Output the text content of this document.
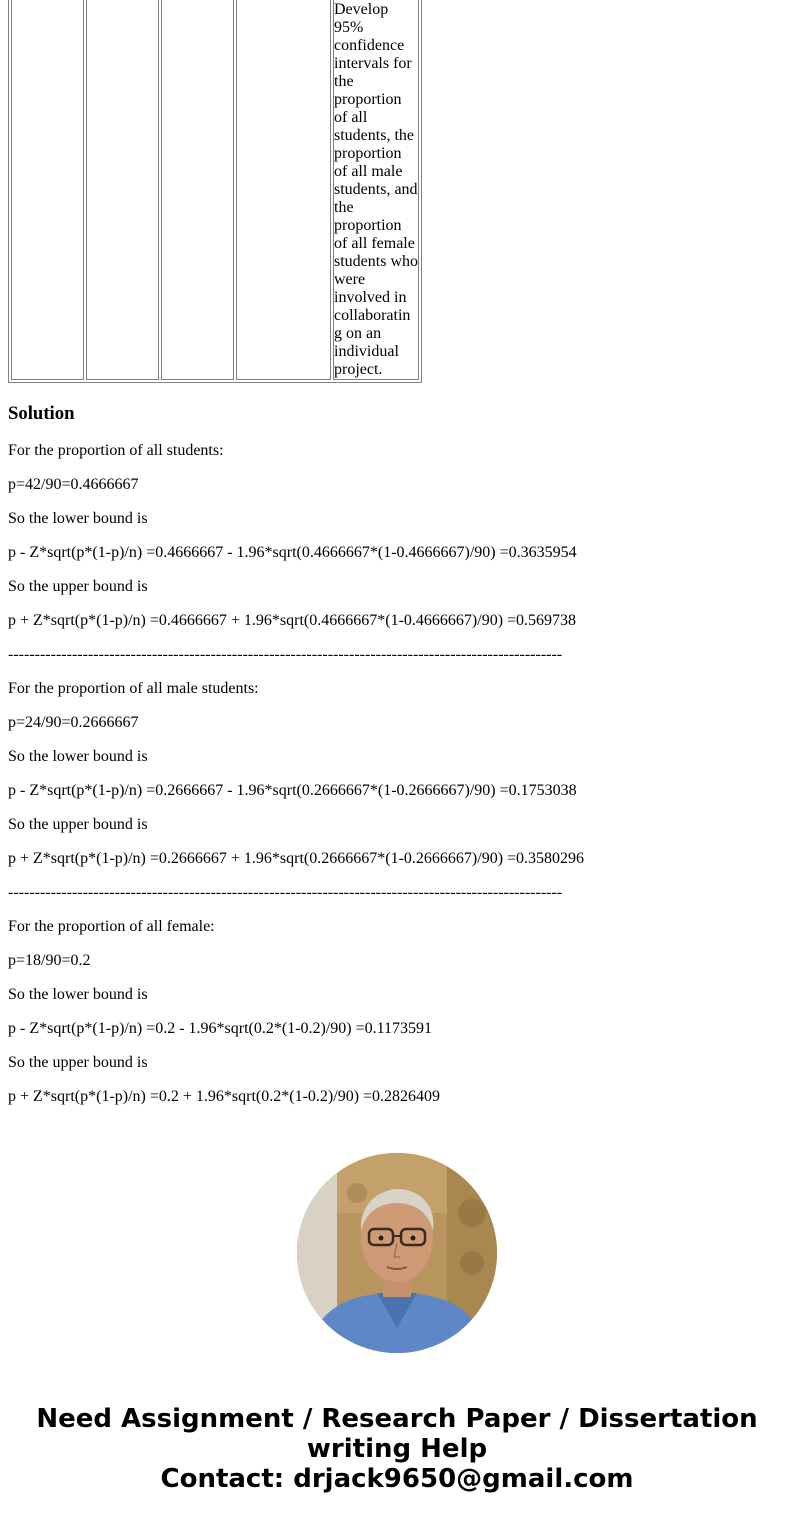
Develop 95% confidence intervals for the proportion of all students, the proportion of all male students, and the proportion of all female students who were involved in collaborating on an individual project.
Solution

For the proportion of all students:

p=42/90=0.4666667

So the lower bound is

p - Z*sqrt(p*(1-p)/n) =0.4666667 - 1.96*sqrt(0.4666667*(1-0.4666667)/90) =0.3635954

So the upper bound is

p + Z*sqrt(p*(1-p)/n) =0.4666667 + 1.96*sqrt(0.4666667*(1-0.4666667)/90) =0.569738

--------------------------------------------------------------------------------------------------------

For the proportion of all male students:

p=24/90=0.2666667

So the lower bound is

p - Z*sqrt(p*(1-p)/n) =0.2666667 - 1.96*sqrt(0.2666667*(1-0.2666667)/90) =0.1753038

So the upper bound is

p + Z*sqrt(p*(1-p)/n) =0.2666667 + 1.96*sqrt(0.2666667*(1-0.2666667)/90) =0.3580296

--------------------------------------------------------------------------------------------------------

For the proportion of all female:

p=18/90=0.2

So the lower bound is

p - Z*sqrt(p*(1-p)/n) =0.2 - 1.96*sqrt(0.2*(1-0.2)/90) =0.1173591

So the upper bound is

p + Z*sqrt(p*(1-p)/n) =0.2 + 1.96*sqrt(0.2*(1-0.2)/90) =0.2826409

Need Assignment / Research Paper / Dissertation
writing Help
Contact: drjack9650@gmail.com
